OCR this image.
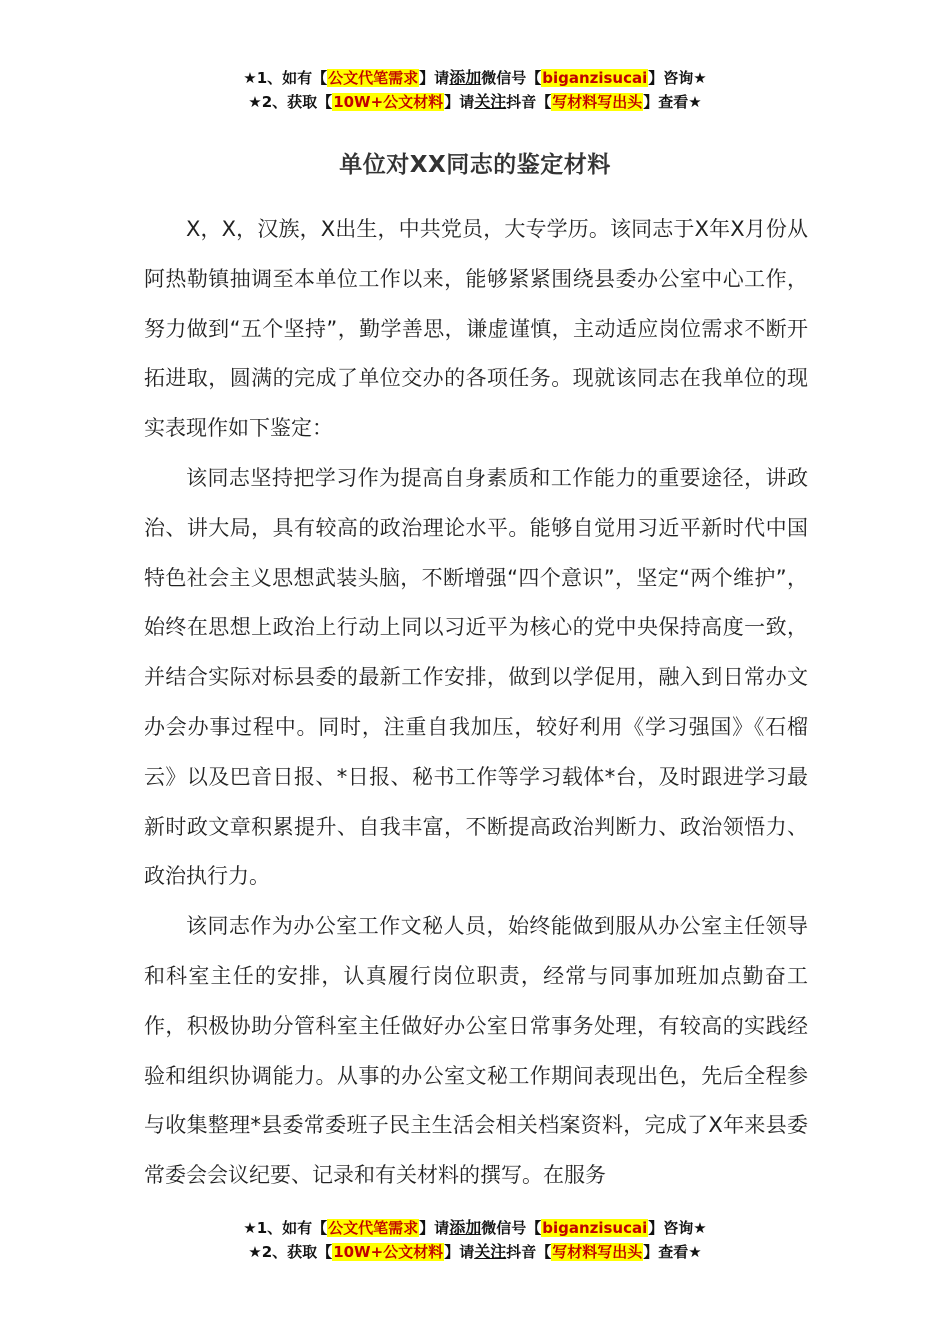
★1、如有【公文代笔需求】请添加微信号【biganzisucai】咨询★
★2、获取【10W+公文材料】请关注抖音【写材料写出头】查看★
单位对XX同志的鉴定材料

X，X，汉族，X出生，中共党员，大专学历。该同志于X年X月份从阿热勒镇抽调至本单位工作以来，能够紧紧围绕县委办公室中心工作，努力做到“五个坚持”，勤学善思，谦虚谨慎，主动适应岗位需求不断开拓进取，圆满的完成了单位交办的各项任务。现就该同志在我单位的现实表现作如下鉴定：

该同志坚持把学习作为提高自身素质和工作能力的重要途径，讲政治、讲大局，具有较高的政治理论水平。能够自觉用习近平新时代中国特色社会主义思想武装头脑，不断增强“四个意识”，坚定“两个维护”，始终在思想上政治上行动上同以习近平为核心的党中央保持高度一致，并结合实际对标县委的最新工作安排，做到以学促用，融入到日常办文办会办事过程中。同时，注重自我加压，较好利用《学习强国》《石榴云》以及巴音日报、*日报、秘书工作等学习载体*台，及时跟进学习最新时政文章积累提升、自我丰富，不断提高政治判断力、政治领悟力、政治执行力。

该同志作为办公室工作文秘人员，始终能做到服从办公室主任领导和科室主任的安排，认真履行岗位职责，经常与同事加班加点勤奋工作，积极协助分管科室主任做好办公室日常事务处理，有较高的实践经验和组织协调能力。从事的办公室文秘工作期间表现出色，先后全程参与收集整理*县委常委班子民主生活会相关档案资料，完成了X年来县委常委会会议纪要、记录和有关材料的撰写。在服务

★1、如有【公文代笔需求】请添加微信号【biganzisucai】咨询★
★2、获取【10W+公文材料】请关注抖音【写材料写出头】查看★
